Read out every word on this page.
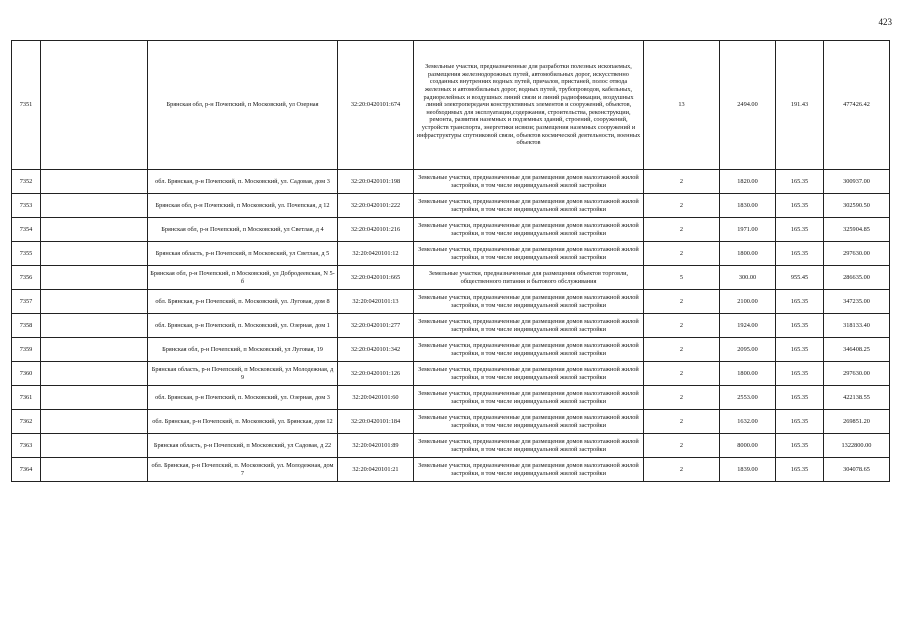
423
7351		Брянская обл, р-н Почепский, п Московский, ул Озерная	32:20:0420101:674	Земельные участки, предназначенные для разработки полезных ископаемых, размещения железнодорожных путей, автомобильных дорог, искусственно созданных внутренних водных путей, причалов, пристаней, полос отвода железных и автомобильных дорог, водных путей, трубопроводов, кабельных, радиорелейных и воздушных линий связи и линий радиофикации, воздушных линий электропередачи конструктивных элементов и сооружений, объектов, необходимых для эксплуатации,содержания, строительства, реконструкции, ремонта, развития наземных и подземных зданий, строений, сооружений, устройств транспорта, энергетики исвязи; размещения наземных сооружений и инфраструктуры спутниковой связи, объектов космической деятельности, военных объектов	13	2494.00	191.43	477426.42
7352		обл. Брянская, р-н Почепский, п. Московский, ул. Садовая, дом 3	32:20:0420101:198	Земельные участки, предназначенные для размещения домов малоэтажной жилой застройки, в том числе индивидуальной жилой застройки	2	1820.00	165.35	300937.00
7353		Брянская обл, р-н Почепский, п Московский, ул. Почепская, д 12	32:20:0420101:222	Земельные участки, предназначенные для размещения домов малоэтажной жилой застройки, в том числе индивидуальной жилой застройки	2	1830.00	165.35	302590.50
7354		Брянская обл, р-н Почепский, п Московский, ул Светлая, д 4	32:20:0420101:216	Земельные участки, предназначенные для размещения домов малоэтажной жилой застройки, в том числе индивидуальной жилой застройки	2	1971.00	165.35	325904.85
7355		Брянская область, р-н Почепский, п Московский, ул Светлая, д 5	32:20:0420101:12	Земельные участки, предназначенные для размещения домов малоэтажной жилой застройки, в том числе индивидуальной жилой застройки	2	1800.00	165.35	297630.00
7356		Брянская обл, р-н Почепский, п Московский, ул Добродеевская, N 5-б	32:20:0420101:665	Земельные участки, предназначенные для размещения объектов торговли, общественного питания и бытового обслуживания	5	300.00	955.45	286635.00
7357		обл. Брянская, р-н Почепский, п. Московский, ул. Луговая, дом 8	32:20:0420101:13	Земельные участки, предназначенные для размещения домов малоэтажной жилой застройки, в том числе индивидуальной жилой застройки	2	2100.00	165.35	347235.00
7358		обл. Брянская, р-н Почепский, п. Московский, ул. Озерная, дом 1	32:20:0420101:277	Земельные участки, предназначенные для размещения домов малоэтажной жилой застройки, в том числе индивидуальной жилой застройки	2	1924.00	165.35	318133.40
7359		Брянская обл, р-н Почепский, п Московский, ул Луговая, 19	32:20:0420101:342	Земельные участки, предназначенные для размещения домов малоэтажной жилой застройки, в том числе индивидуальной жилой застройки	2	2095.00	165.35	346408.25
7360		Брянская область, р-н Почепский, п Московский, ул Молодежная, д 9	32:20:0420101:126	Земельные участки, предназначенные для размещения домов малоэтажной жилой застройки, в том числе индивидуальной жилой застройки	2	1800.00	165.35	297630.00
7361		обл. Брянская, р-н Почепский, п. Московский, ул. Озерная, дом 3	32:20:0420101:60	Земельные участки, предназначенные для размещения домов малоэтажной жилой застройки, в том числе индивидуальной жилой застройки	2	2553.00	165.35	422138.55
7362		обл. Брянская, р-н Почепский, п. Московский, ул. Брянская, дом 12	32:20:0420101:184	Земельные участки, предназначенные для размещения домов малоэтажной жилой застройки, в том числе индивидуальной жилой застройки	2	1632.00	165.35	269851.20
7363		Брянская область, р-н Почепский, п Московский, ул Садовая, д 22	32:20:0420101:89	Земельные участки, предназначенные для размещения домов малоэтажной жилой застройки, в том числе индивидуальной жилой застройки	2	8000.00	165.35	1322800.00
7364		обл. Брянская, р-н Почепский, п. Московский, ул. Молодежная, дом 7	32:20:0420101:21	Земельные участки, предназначенные для размещения домов малоэтажной жилой застройки, в том числе индивидуальной жилой застройки	2	1839.00	165.35	304078.65
